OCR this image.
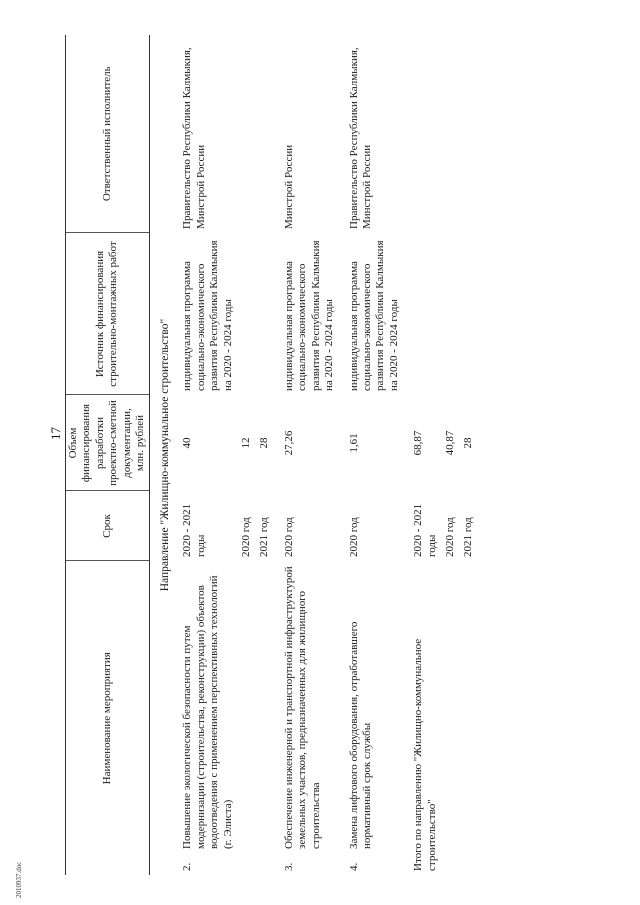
17
2010937.doc
Наименование мероприятия		Срок	Объем финансирования разработки проектно-сметной документации, млн. рублей	Источник финансирования строительно-монтажных работ	Ответственный исполнитель
Направление "Жилищно-коммунальное строительство"					
2.	Повышение экологической безопасности путем модернизации (строительства, реконструкции) объектов водоотведения с применением перспективных технологий (г. Элиста)	2020 - 2021 годы	40	индивидуальная программа социально-экономического развития Республики Калмыкия на 2020 - 2024 годы	Правительство Республики Калмыкия, Минстрой России
		2020 год	12		
		2021 год	28		

3.	Обеспечение инженерной и транспортной инфраструктурой земельных участков, предназначенных для жилищного строительства	2020 год	27,26	индивидуальная программа социально-экономического развития Республики Калмыкия на 2020 - 2024 годы	Минстрой России

4.	Замена лифтового оборудования, отработавшего нормативный срок службы	2020 год	1,61	индивидуальная программа социально-экономического развития Республики Калмыкия на 2020 - 2024 годы	Правительство Республики Калмыкия, Минстрой России

Итого по направлению "Жилищно-коммунальное строительство"		2020 - 2021 годы	68,87		
		2020 год	40,87		
		2021 год	28		
